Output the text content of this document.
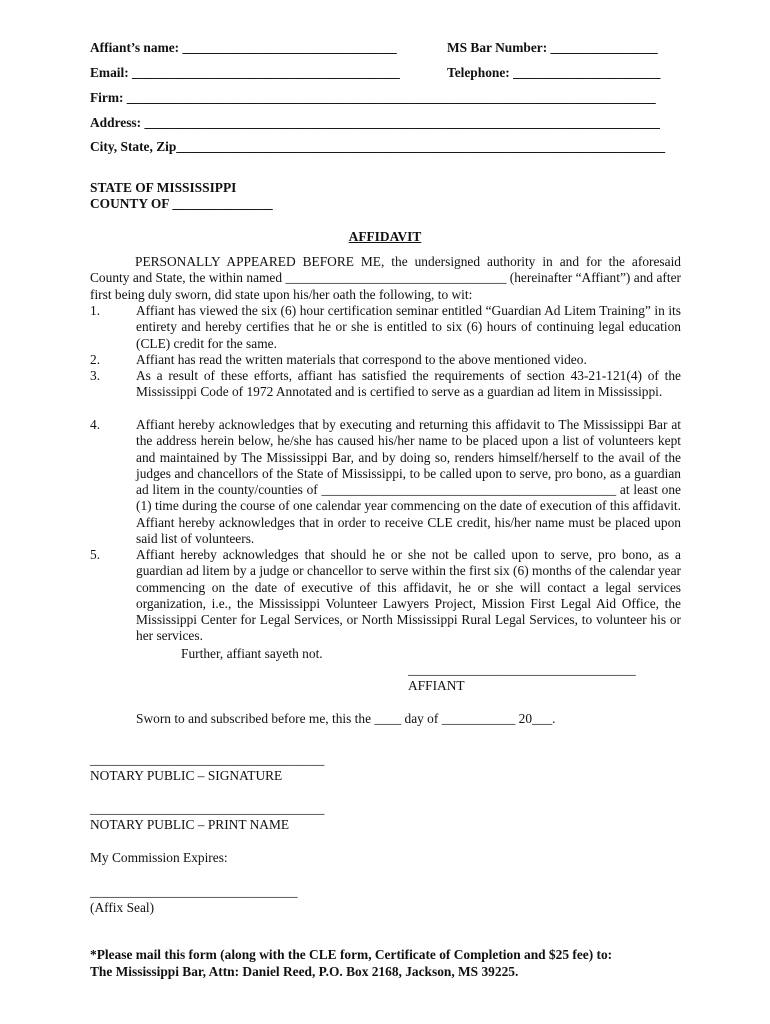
Affiant’s name: ________________________________	MS Bar Number: ________________
Email: ________________________________________	Telephone: ______________________
Firm: _______________________________________________________________________________
Address: _____________________________________________________________________________
City, State, Zip_________________________________________________________________________
STATE OF MISSISSIPPI
COUNTY OF _______________
AFFIDAVIT
PERSONALLY APPEARED BEFORE ME, the undersigned authority in and for the aforesaid County and State, the within named _________________________________ (hereinafter “Affiant”) and after first being duly sworn, did state upon his/her oath the following, to wit:
1.	Affiant has viewed the six (6) hour certification seminar entitled “Guardian Ad Litem Training” in its entirety and hereby certifies that he or she is entitled to six (6) hours of continuing legal education (CLE) credit for the same.
2.	Affiant has read the written materials that correspond to the above mentioned video.
3.	As a result of these efforts, affiant has satisfied the requirements of section 43-21-121(4) of the Mississippi Code of 1972 Annotated and is certified to serve as a guardian ad litem in Mississippi.
4.	Affiant hereby acknowledges that by executing and returning this affidavit to The Mississippi Bar at the address herein below, he/she has caused his/her name to be placed upon a list of volunteers kept and maintained by The Mississippi Bar, and by doing so, renders himself/herself to the avail of the judges and chancellors of the State of Mississippi, to be called upon to serve, pro bono, as a guardian ad litem in the county/counties of ____________________________________________ at least one (1) time during the course of one calendar year commencing on the date of execution of this affidavit. Affiant hereby acknowledges that in order to receive CLE credit, his/her name must be placed upon said list of volunteers.
5.	Affiant hereby acknowledges that should he or she not be called upon to serve, pro bono, as a guardian ad litem by a judge or chancellor to serve within the first six (6) months of the calendar year commencing on the date of executive of this affidavit, he or she will contact a legal services organization, i.e., the Mississippi Volunteer Lawyers Project, Mission First Legal Aid Office, the Mississippi Center for Legal Services, or North Mississippi Rural Legal Services, to volunteer his or her services.
Further, affiant sayeth not.
__________________________________
AFFIANT
Sworn to and subscribed before me, this the ____ day of ___________ 20___.
___________________________________
NOTARY PUBLIC – SIGNATURE
___________________________________
NOTARY PUBLIC – PRINT NAME
My Commission Expires:
_______________________________
(Affix Seal)
*Please mail this form (along with the CLE form, Certificate of Completion and $25 fee) to:
The Mississippi Bar, Attn: Daniel Reed, P.O. Box 2168, Jackson, MS 39225.
